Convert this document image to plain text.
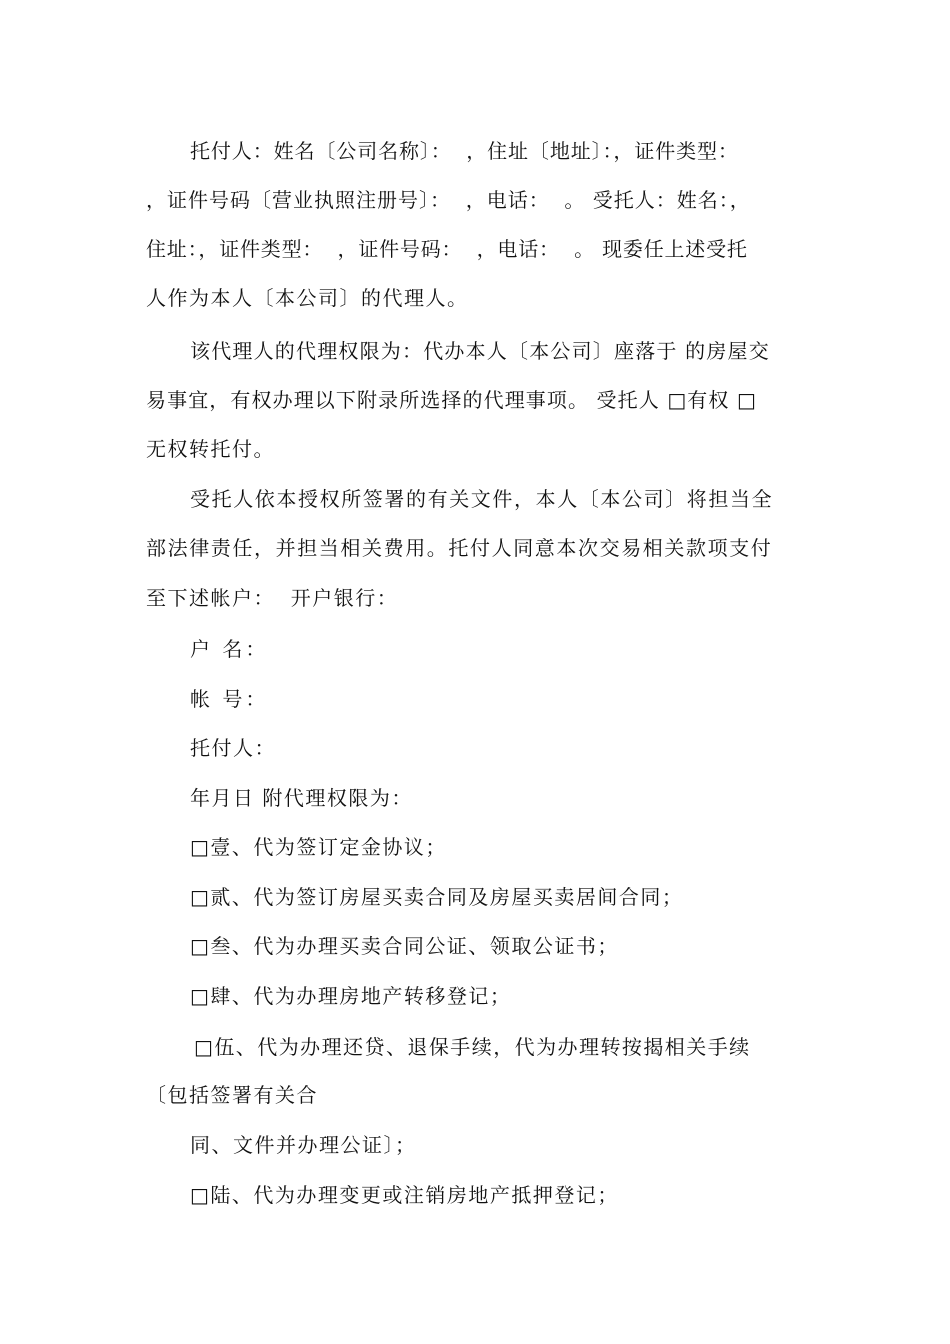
托付人：姓名〔公司名称〕：  ，住址〔地址〕：，证件类型：
，证件号码〔营业执照注册号〕：  ，电话：  。 受托人：姓名：，
住址：，证件类型：  ，证件号码：  ，电话：  。 现委任上述受托
人作为本人〔本公司〕的代理人。
该代理人的代理权限为：代办本人〔本公司〕座落于 的房屋交
易事宜，有权办理以下附录所选择的代理事项。 受托人 □有权 □
无权转托付。
受托人依本授权所签署的有关文件，本人〔本公司〕将担当全
部法律责任，并担当相关费用。托付人同意本次交易相关款项支付
至下述帐户：  开户银行：
户 名：
帐 号：
托付人：
年月日 附代理权限为：
□壹、代为签订定金协议；
□贰、代为签订房屋买卖合同及房屋买卖居间合同；
□叁、代为办理买卖合同公证、领取公证书；
□肆、代为办理房地产转移登记；
□伍、代为办理还贷、退保手续，代为办理转按揭相关手续
〔包括签署有关合
同、文件并办理公证〕；
□陆、代为办理变更或注销房地产抵押登记；
